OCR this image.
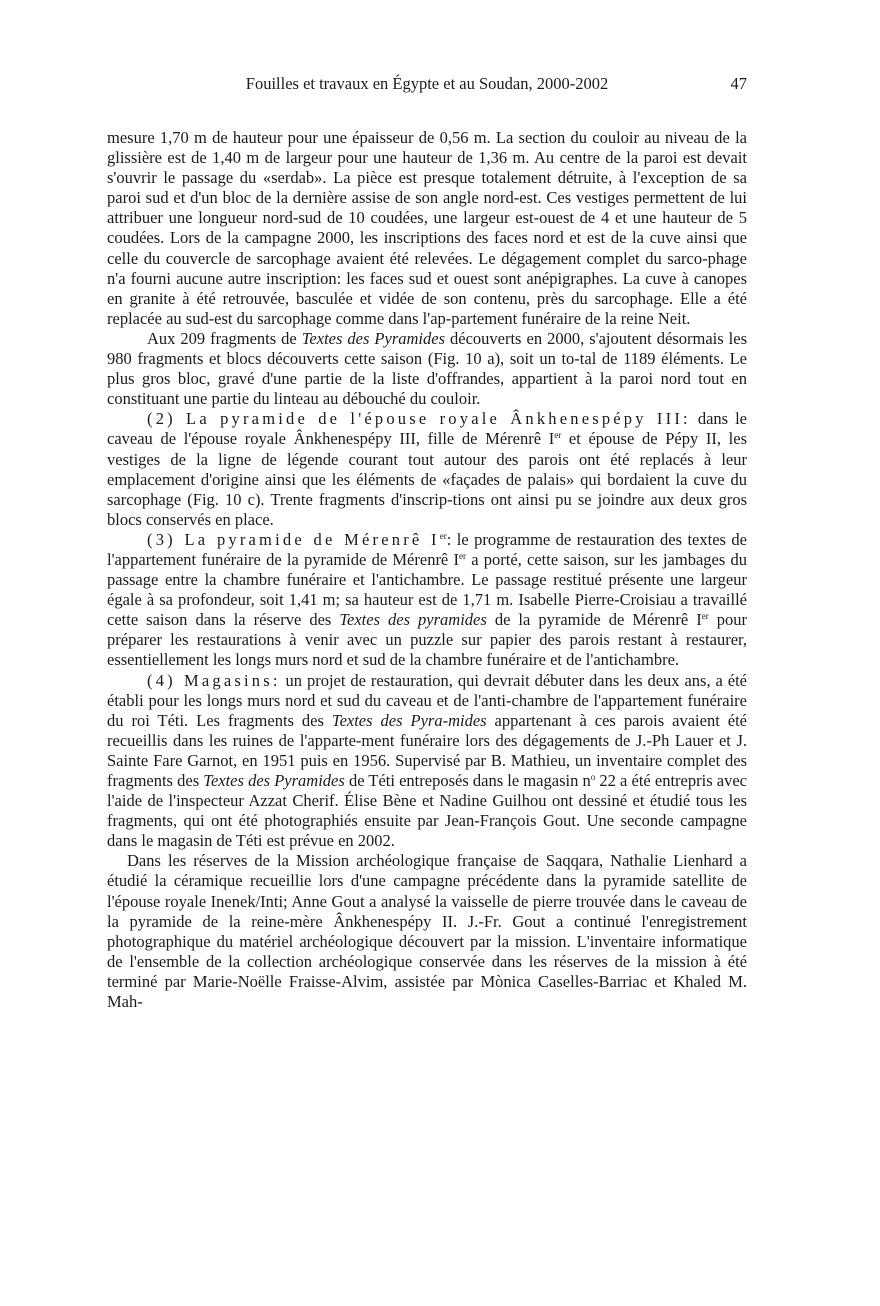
Fouilles et travaux en Égypte et au Soudan, 2000-2002	47

mesure 1,70 m de hauteur pour une épaisseur de 0,56 m. La section du couloir au niveau de la glissière est de 1,40 m de largeur pour une hauteur de 1,36 m. Au centre de la paroi est devait s'ouvrir le passage du «serdab». La pièce est presque totalement détruite, à l'exception de sa paroi sud et d'un bloc de la dernière assise de son angle nord-est. Ces vestiges permettent de lui attribuer une longueur nord-sud de 10 coudées, une largeur est-ouest de 4 et une hauteur de 5 coudées. Lors de la campagne 2000, les inscriptions des faces nord et est de la cuve ainsi que celle du couvercle de sarcophage avaient été relevées. Le dégagement complet du sarco-phage n'a fourni aucune autre inscription: les faces sud et ouest sont anépigraphes. La cuve à canopes en granite à été retrouvée, basculée et vidée de son contenu, près du sarcophage. Elle a été replacée au sud-est du sarcophage comme dans l'ap-partement funéraire de la reine Neit.

Aux 209 fragments de Textes des Pyramides découverts en 2000, s'ajoutent désormais les 980 fragments et blocs découverts cette saison (Fig. 10 a), soit un to-tal de 1189 éléments. Le plus gros bloc, gravé d'une partie de la liste d'offrandes, appartient à la paroi nord tout en constituant une partie du linteau au débouché du couloir.

(2) La pyramide de l'épouse royale Ânkhenespépy III: dans le caveau de l'épouse royale Ânkhenespépy III, fille de Mérenrê Ier et épouse de Pépy II, les vestiges de la ligne de légende courant tout autour des parois ont été replacés à leur emplacement d'origine ainsi que les éléments de «façades de palais» qui bordaient la cuve du sarcophage (Fig. 10 c). Trente fragments d'inscrip-tions ont ainsi pu se joindre aux deux gros blocs conservés en place.

(3) La pyramide de Mérenrê Ier: le programme de restauration des textes de l'appartement funéraire de la pyramide de Mérenrê Ier a porté, cette saison, sur les jambages du passage entre la chambre funéraire et l'antichambre. Le passage restitué présente une largeur égale à sa profondeur, soit 1,41 m; sa hauteur est de 1,71 m. Isabelle Pierre-Croisiau a travaillé cette saison dans la réserve des Textes des pyramides de la pyramide de Mérenrê Ier pour préparer les restaurations à venir avec un puzzle sur papier des parois restant à restaurer, essentiellement les longs murs nord et sud de la chambre funéraire et de l'antichambre.

(4) Magasins: un projet de restauration, qui devrait débuter dans les deux ans, a été établi pour les longs murs nord et sud du caveau et de l'anti-chambre de l'appartement funéraire du roi Téti. Les fragments des Textes des Pyra-mides appartenant à ces parois avaient été recueillis dans les ruines de l'apparte-ment funéraire lors des dégagements de J.-Ph Lauer et J. Sainte Fare Garnot, en 1951 puis en 1956. Supervisé par B. Mathieu, un inventaire complet des fragments des Textes des Pyramides de Téti entreposés dans le magasin $n^o$ 22 a été entrepris avec l'aide de l'inspecteur Azzat Cherif. Élise Bène et Nadine Guilhou ont dessiné et étudié tous les fragments, qui ont été photographiés ensuite par Jean-François Gout. Une seconde campagne dans le magasin de Téti est prévue en 2002.

Dans les réserves de la Mission archéologique française de Saqqara, Nathalie Lienhard a étudié la céramique recueillie lors d'une campagne précédente dans la pyramide satellite de l'épouse royale Inenek/Inti; Anne Gout a analysé la vaisselle de pierre trouvée dans le caveau de la pyramide de la reine-mère Ânkhenespépy II. J.-Fr. Gout a continué l'enregistrement photographique du matériel archéologique découvert par la mission. L'inventaire informatique de l'ensemble de la collection archéologique conservée dans les réserves de la mission à été terminé par Marie-Noëlle Fraisse-Alvim, assistée par Mònica Caselles-Barriac et Khaled M. Mah-
